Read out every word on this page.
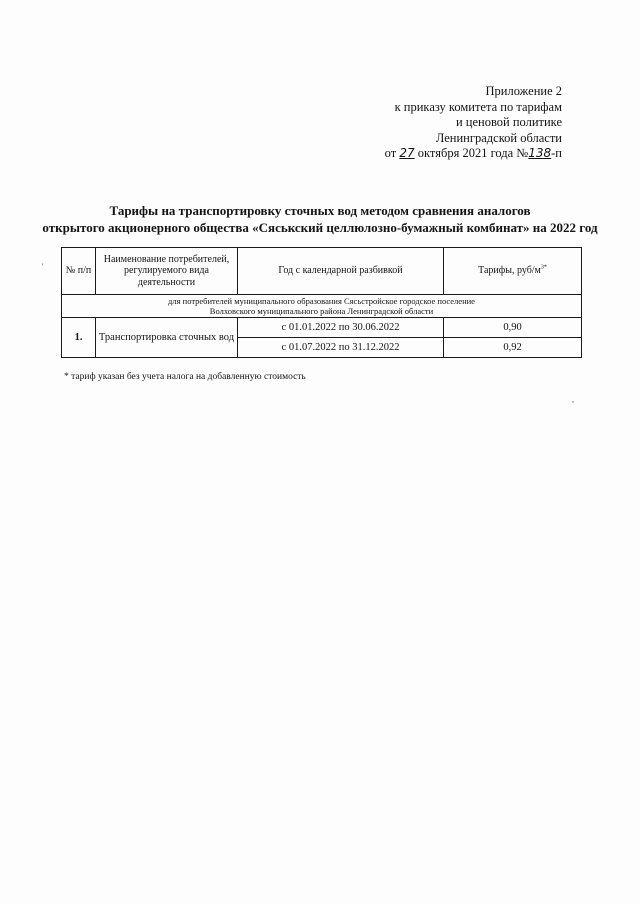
Приложение 2
к приказу комитета по тарифам
и ценовой политике
Ленинградской области
от 27 октября 2021 года №138-п
Тарифы на транспортировку сточных вод методом сравнения аналогов
открытого акционерного общества «Сяськский целлюлозно-бумажный комбинат» на 2022 год
№ п/п	Наименование потребителей, регулируемого вида деятельности	Год с календарной разбивкой	Тарифы, руб/$м^{3*}$

для потребителей муниципального образования Сясьстройское городское поселение
Волховского муниципального района Ленинградской области			

1.	Транспортировка сточных вод	с 01.01.2022 по 30.06.2022	0,90
		с 01.07.2022 по 31.12.2022	0,92
* тариф указан без учета налога на добавленную стоимость
'
,
